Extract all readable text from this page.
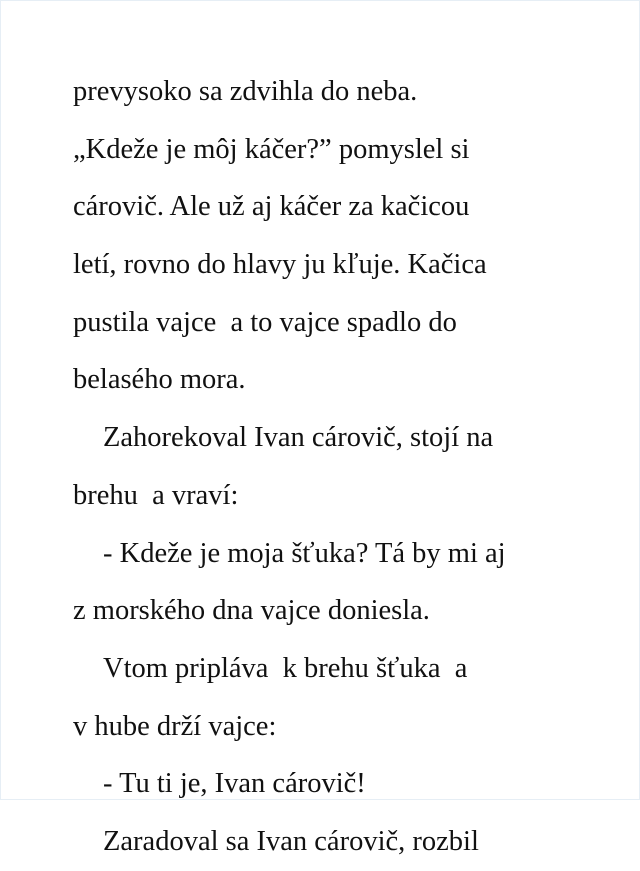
prevysoko sa zdvihla do neba.
„Kdeže je môj káčer?” pomyslel si
cárovič. Ale už aj káčer za kačicou
letí, rovno do hlavy ju kľuje. Kačica
pustila vajce  a to vajce spadlo do
belasého mora.
Zahorekoval Ivan cárovič, stojí na
brehu  a vraví:
- Kdeže je moja šťuka? Tá by mi aj
z morského dna vajce doniesla.
Vtom pripláva  k brehu šťuka  a
v hube drží vajce:
- Tu ti je, Ivan cárovič!
Zaradoval sa Ivan cárovič, rozbil
